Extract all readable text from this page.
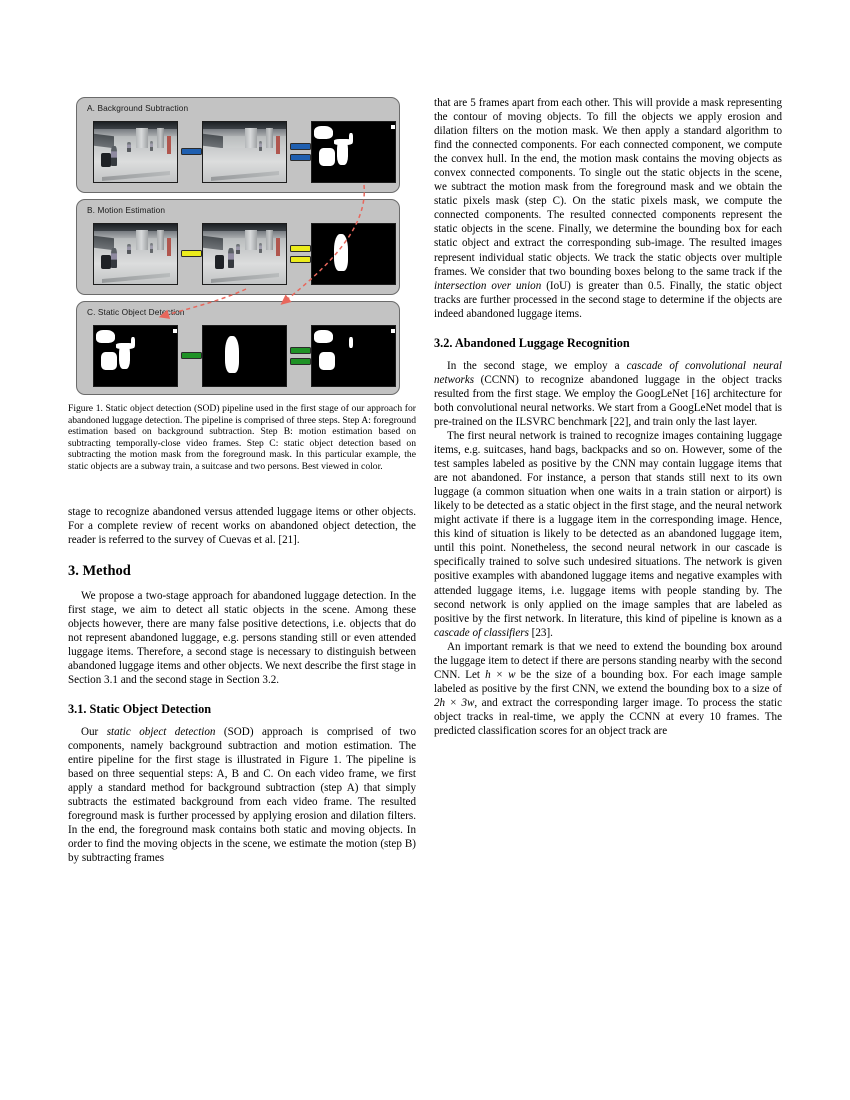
A. Background Subtraction
B. Motion Estimation
C. Static Object Detection

Figure 1. Static object detection (SOD) pipeline used in the first stage of our approach for abandoned luggage detection. The pipeline is comprised of three steps. Step A: foreground estimation based on background subtraction. Step B: motion estimation based on subtracting temporally-close video frames. Step C: static object detection based on subtracting the motion mask from the foreground mask. In this particular example, the static objects are a subway train, a suitcase and two persons. Best viewed in color.

stage to recognize abandoned versus attended luggage items or other objects. For a complete review of recent works on abandoned object detection, the reader is referred to the survey of Cuevas et al. [21].

3. Method

We propose a two-stage approach for abandoned luggage detection. In the first stage, we aim to detect all static objects in the scene. Among these objects however, there are many false positive detections, i.e. objects that do not represent abandoned luggage, e.g. persons standing still or even attended luggage items. Therefore, a second stage is necessary to distinguish between abandoned luggage items and other objects. We next describe the first stage in Section 3.1 and the second stage in Section 3.2.

3.1. Static Object Detection

Our static object detection (SOD) approach is comprised of two components, namely background subtraction and motion estimation. The entire pipeline for the first stage is illustrated in Figure 1. The pipeline is based on three sequential steps: A, B and C. On each video frame, we first apply a standard method for background subtraction (step A) that simply subtracts the estimated background from each video frame. The resulted foreground mask is further processed by applying erosion and dilation filters. In the end, the foreground mask contains both static and moving objects. In order to find the moving objects in the scene, we estimate the motion (step B) by subtracting frames

that are 5 frames apart from each other. This will provide a mask representing the contour of moving objects. To fill the objects we apply erosion and dilation filters on the motion mask. We then apply a standard algorithm to find the connected components. For each connected component, we compute the convex hull. In the end, the motion mask contains the moving objects as convex connected components. To single out the static objects in the scene, we subtract the motion mask from the foreground mask and we obtain the static pixels mask (step C). On the static pixels mask, we compute the connected components. The resulted connected components represent the static objects in the scene. Finally, we determine the bounding box for each static object and extract the corresponding sub-image. The resulted images represent individual static objects. We track the static objects over multiple frames. We consider that two bounding boxes belong to the same track if the intersection over union (IoU) is greater than 0.5. Finally, the static object tracks are further processed in the second stage to determine if the objects are indeed abandoned luggage items.

3.2. Abandoned Luggage Recognition

In the second stage, we employ a cascade of convolutional neural networks (CCNN) to recognize abandoned luggage in the object tracks resulted from the first stage. We employ the GoogLeNet [16] architecture for both convolutional neural networks. We start from a GoogLeNet model that is pre-trained on the ILSVRC benchmark [22], and train only the last layer.

The first neural network is trained to recognize images containing luggage items, e.g. suitcases, hand bags, backpacks and so on. However, some of the test samples labeled as positive by the CNN may contain luggage items that are not abandoned. For instance, a person that stands still next to its own luggage (a common situation when one waits in a train station or airport) is likely to be detected as a static object in the first stage, and the neural network might activate if there is a luggage item in the corresponding image. Hence, this kind of situation is likely to be detected as an abandoned luggage item, until this point. Nonetheless, the second neural network in our cascade is specifically trained to solve such undesired situations. The network is given positive examples with abandoned luggage items and negative examples with attended luggage items, i.e. luggage items with people standing by. The second network is only applied on the image samples that are labeled as positive by the first network. In literature, this kind of pipeline is known as a cascade of classifiers [23].

An important remark is that we need to extend the bounding box around the luggage item to detect if there are persons standing nearby with the second CNN. Let h × w be the size of a bounding box. For each image sample labeled as positive by the first CNN, we extend the bounding box to a size of 2h × 3w, and extract the corresponding larger image. To process the static object tracks in real-time, we apply the CCNN at every 10 frames. The predicted classification scores for an object track are
